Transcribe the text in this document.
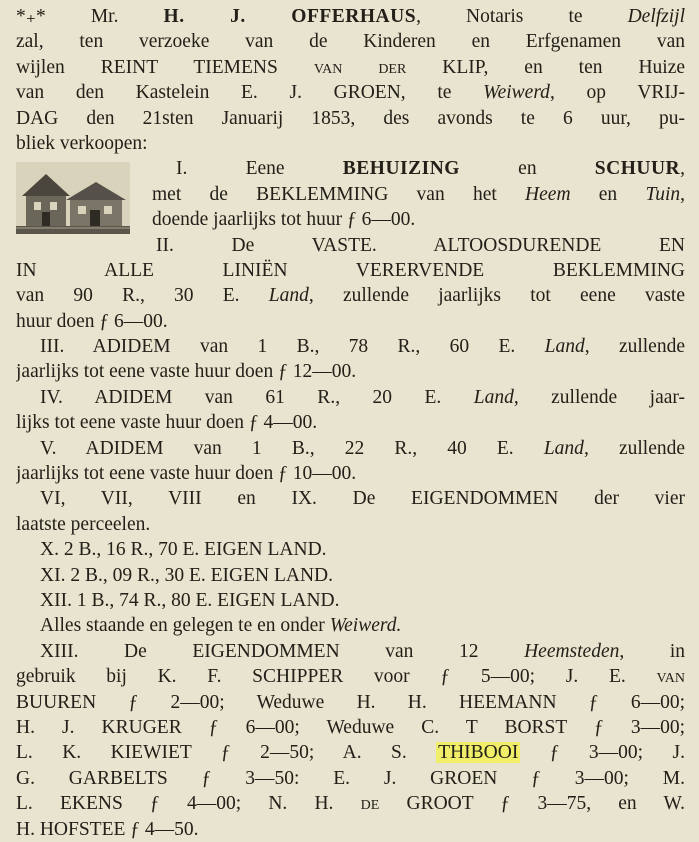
*₊* Mr. H. J. OFFERHAUS, Notaris te Delfzijl
zal, ten verzoeke van de Kinderen en Erfgenamen van
wijlen REINT TIEMENS van der KLIP, en ten Huize
van den Kastelein E. J. GROEN, te Weiwerd, op VRIJ-
DAG den 21sten Januarij 1853, des avonds te 6 uur, pu-
bliek verkoopen:
I. Eene BEHUIZING en SCHUUR,
met de BEKLEMMING van het Heem en Tuin,
doende jaarlijks tot huur ƒ 6—00.
II. De VASTE. ALTOOSDURENDE EN
IN ALLE LINIËN VERERVENDE BEKLEMMING
van 90 R., 30 E. Land, zullende jaarlijks tot eene vaste
huur doen ƒ 6—00.
III. ADIDEM van 1 B., 78 R., 60 E. Land, zullende
jaarlijks tot eene vaste huur doen ƒ 12—00.
IV. ADIDEM van 61 R., 20 E. Land, zullende jaar-
lijks tot eene vaste huur doen ƒ 4—00.
V. ADIDEM van 1 B., 22 R., 40 E. Land, zullende
jaarlijks tot eene vaste huur doen ƒ 10—00.
VI, VII, VIII en IX. De EIGENDOMMEN der vier
laatste perceelen.
X. 2 B., 16 R., 70 E. EIGEN LAND.
XI. 2 B., 09 R., 30 E. EIGEN LAND.
XII. 1 B., 74 R., 80 E. EIGEN LAND.
Alles staande en gelegen te en onder Weiwerd.
XIII. De EIGENDOMMEN van 12 Heemsteden, in
gebruik bij K. F. SCHIPPER voor ƒ 5—00; J. E. van
BUUREN ƒ 2—00; Weduwe H. H. HEEMANN ƒ 6—00;
H. J. KRUGER ƒ 6—00; Weduwe C. T BORST ƒ 3—00;
L. K. KIEWIET ƒ 2—50; A. S. THIBOOI ƒ 3—00; J.
G. GARBELTS ƒ 3—50: E. J. GROEN ƒ 3—00; M.
L. EKENS ƒ 4—00; N. H. de GROOT ƒ 3—75, en W.
H. HOFSTEE ƒ 4—50.
